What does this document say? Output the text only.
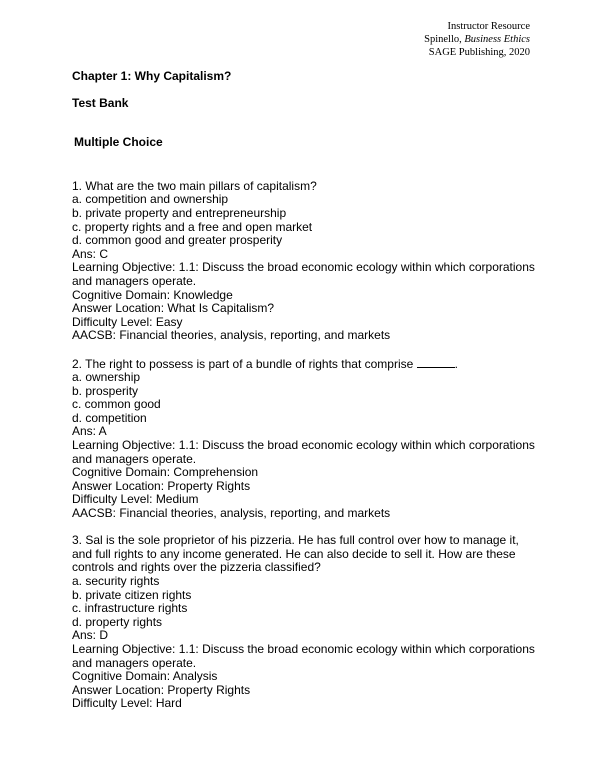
Instructor Resource
Spinello, Business Ethics
SAGE Publishing, 2020

Chapter 1: Why Capitalism?

Test Bank

Multiple Choice

1. What are the two main pillars of capitalism?
a. competition and ownership
b. private property and entrepreneurship
c. property rights and a free and open market
d. common good and greater prosperity
Ans: C
Learning Objective: 1.1: Discuss the broad economic ecology within which corporations and managers operate.
Cognitive Domain: Knowledge
Answer Location: What Is Capitalism?
Difficulty Level: Easy
AACSB: Financial theories, analysis, reporting, and markets
2. The right to possess is part of a bundle of rights that comprise	.
a. ownership
b. prosperity
c. common good
d. competition
Ans: A
Learning Objective: 1.1: Discuss the broad economic ecology within which corporations and managers operate.
Cognitive Domain: Comprehension
Answer Location: Property Rights
Difficulty Level: Medium
AACSB: Financial theories, analysis, reporting, and markets
3. Sal is the sole proprietor of his pizzeria. He has full control over how to manage it, and full rights to any income generated. He can also decide to sell it. How are these controls and rights over the pizzeria classified?
a. security rights
b. private citizen rights
c. infrastructure rights
d. property rights
Ans: D
Learning Objective: 1.1: Discuss the broad economic ecology within which corporations and managers operate.
Cognitive Domain: Analysis
Answer Location: Property Rights
Difficulty Level: Hard
